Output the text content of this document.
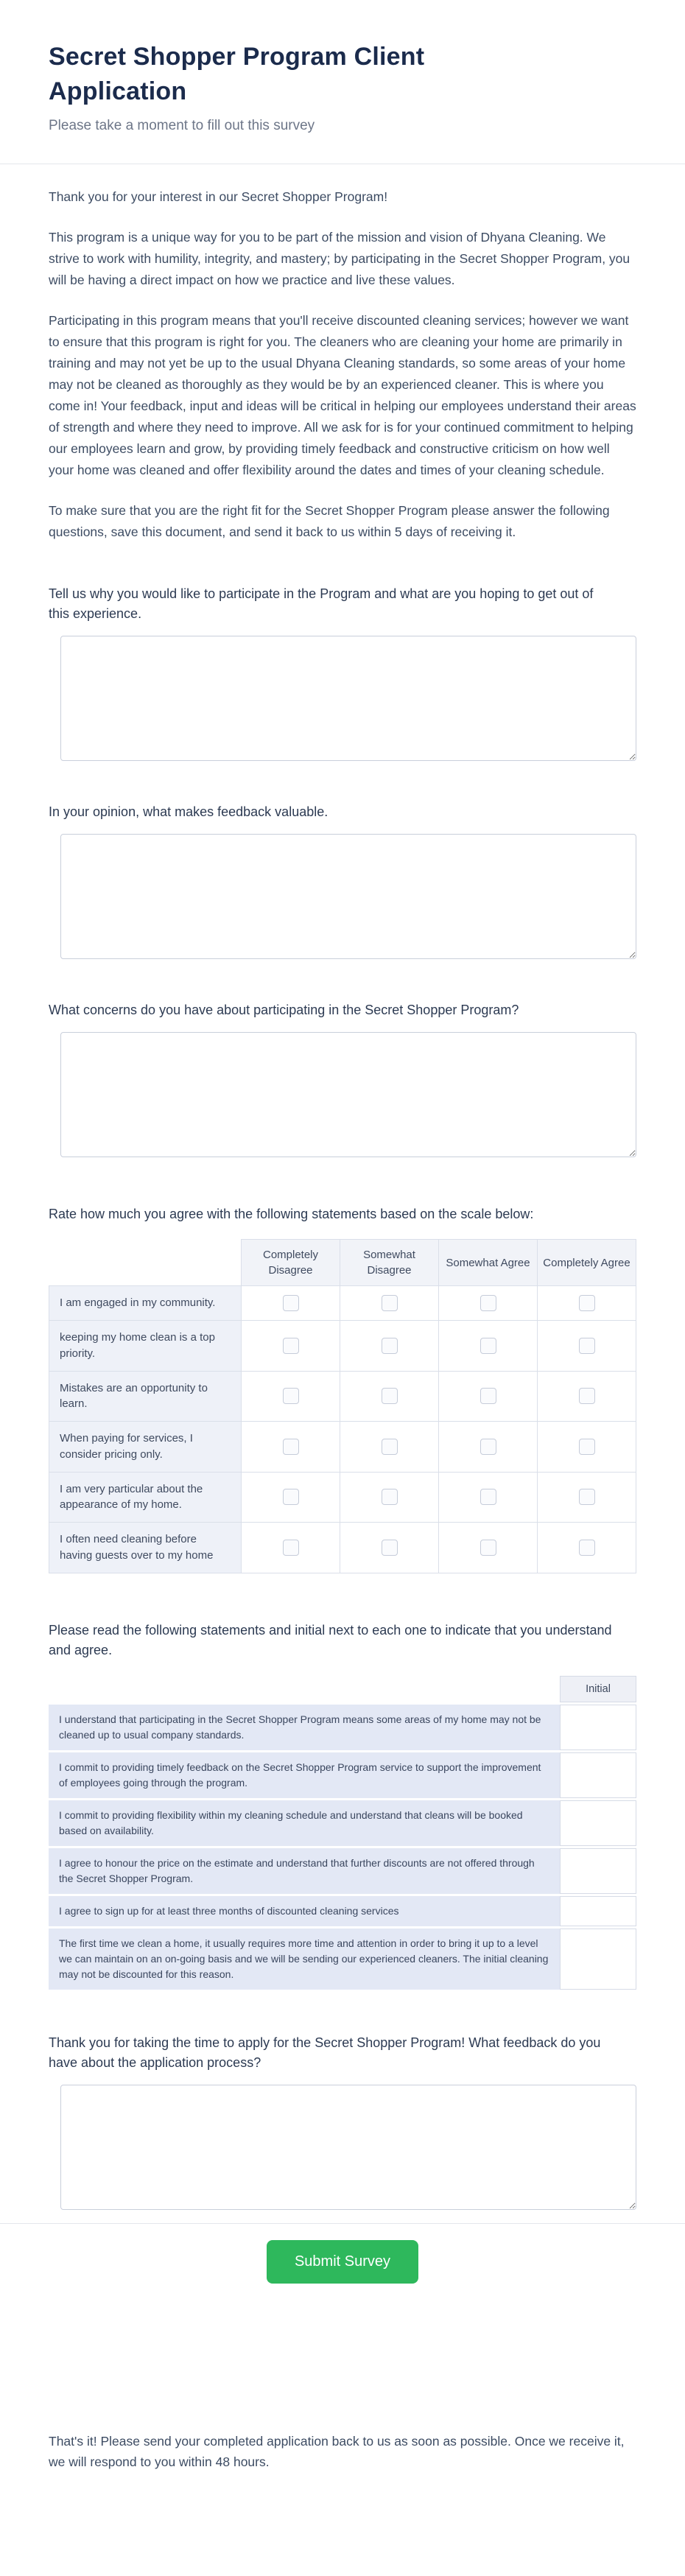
Secret Shopper Program Client Application

Please take a moment to fill out this survey

Thank you for your interest in our Secret Shopper Program!

This program is a unique way for you to be part of the mission and vision of Dhyana Cleaning. We strive to work with humility, integrity, and mastery; by participating in the Secret Shopper Program, you will be having a direct impact on how we practice and live these values.

Participating in this program means that you'll receive discounted cleaning services; however we want to ensure that this program is right for you. The cleaners who are cleaning your home are primarily in training and may not yet be up to the usual Dhyana Cleaning standards, so some areas of your home may not be cleaned as thoroughly as they would be by an experienced cleaner. This is where you come in! Your feedback, input and ideas will be critical in helping our employees understand their areas of strength and where they need to improve. All we ask for is for your continued commitment to helping our employees learn and grow, by providing timely feedback and constructive criticism on how well your home was cleaned and offer flexibility around the dates and times of your cleaning schedule.

To make sure that you are the right fit for the Secret Shopper Program please answer the following questions, save this document, and send it back to us within 5 days of receiving it.

Tell us why you would like to participate in the Program and what are you hoping to get out of this experience.
In your opinion, what makes feedback valuable.
What concerns do you have about participating in the Secret Shopper Program?
Rate how much you agree with the following statements based on the scale below:
	Completely Disagree	Somewhat Disagree	Somewhat Agree	Completely Agree
I am engaged in my community.				
keeping my home clean is a top priority.				
Mistakes are an opportunity to learn.				
When paying for services, I consider pricing only.				
I am very particular about the appearance of my home.				
I often need cleaning before having guests over to my home				
Please read the following statements and initial next to each one to indicate that you understand and agree.
	Initial
I understand that participating in the Secret Shopper Program means some areas of my home may not be cleaned up to usual company standards.	
I commit to providing timely feedback on the Secret Shopper Program service to support the improvement of employees going through the program.	
I commit to providing flexibility within my cleaning schedule and understand that cleans will be booked based on availability.	
I agree to honour the price on the estimate and understand that further discounts are not offered through the Secret Shopper Program.	
I agree to sign up for at least three months of discounted cleaning services	
The first time we clean a home, it usually requires more time and attention in order to bring it up to a level we can maintain on an on-going basis and we will be sending our experienced cleaners. The initial cleaning may not be discounted for this reason.	
Thank you for taking the time to apply for the Secret Shopper Program! What feedback do you have about the application process?
Submit Survey

That's it! Please send your completed application back to us as soon as possible. Once we receive it, we will respond to you within 48 hours.
